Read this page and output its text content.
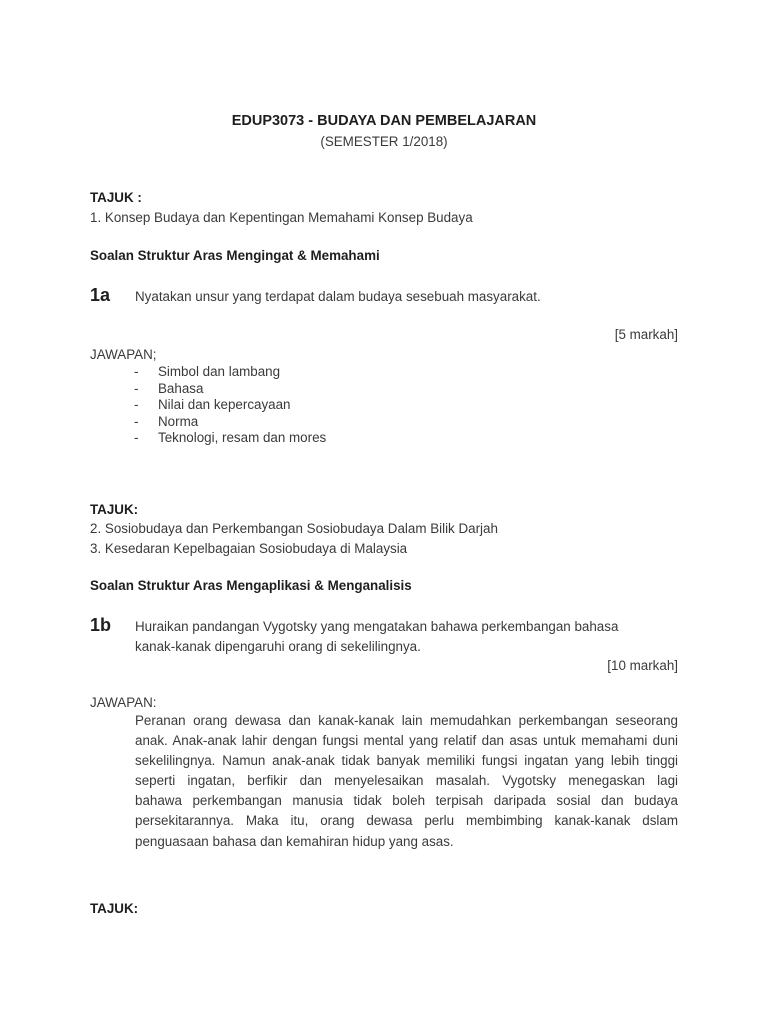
EDUP3073 - BUDAYA DAN PEMBELAJARAN
(SEMESTER 1/2018)
TAJUK :
1. Konsep Budaya dan Kepentingan Memahami Konsep Budaya
Soalan Struktur Aras Mengingat & Memahami
1a Nyatakan unsur yang terdapat dalam budaya sesebuah masyarakat.
[5 markah]
JAWAPAN;
- Simbol dan lambang
- Bahasa
- Nilai dan kepercayaan
- Norma
- Teknologi, resam dan mores
TAJUK:
2. Sosiobudaya dan Perkembangan Sosiobudaya Dalam Bilik Darjah
3. Kesedaran Kepelbagaian Sosiobudaya di Malaysia
Soalan Struktur Aras Mengaplikasi & Menganalisis
1b Huraikan pandangan Vygotsky yang mengatakan bahawa perkembangan bahasa
kanak-kanak dipengaruhi orang di sekelilingnya.
[10 markah]
JAWAPAN:
Peranan orang dewasa dan kanak-kanak lain memudahkan perkembangan seseorang
anak. Anak-anak lahir dengan fungsi mental yang relatif dan asas untuk memahami duni
sekelilingnya. Namun anak-anak tidak banyak memiliki fungsi ingatan yang lebih tinggi
seperti ingatan, berfikir dan menyelesaikan masalah. Vygotsky menegaskan lagi
bahawa perkembangan manusia tidak boleh terpisah daripada sosial dan budaya
persekitarannya. Maka itu, orang dewasa perlu membimbing kanak-kanak dslam
penguasaan bahasa dan kemahiran hidup yang asas.
TAJUK:
